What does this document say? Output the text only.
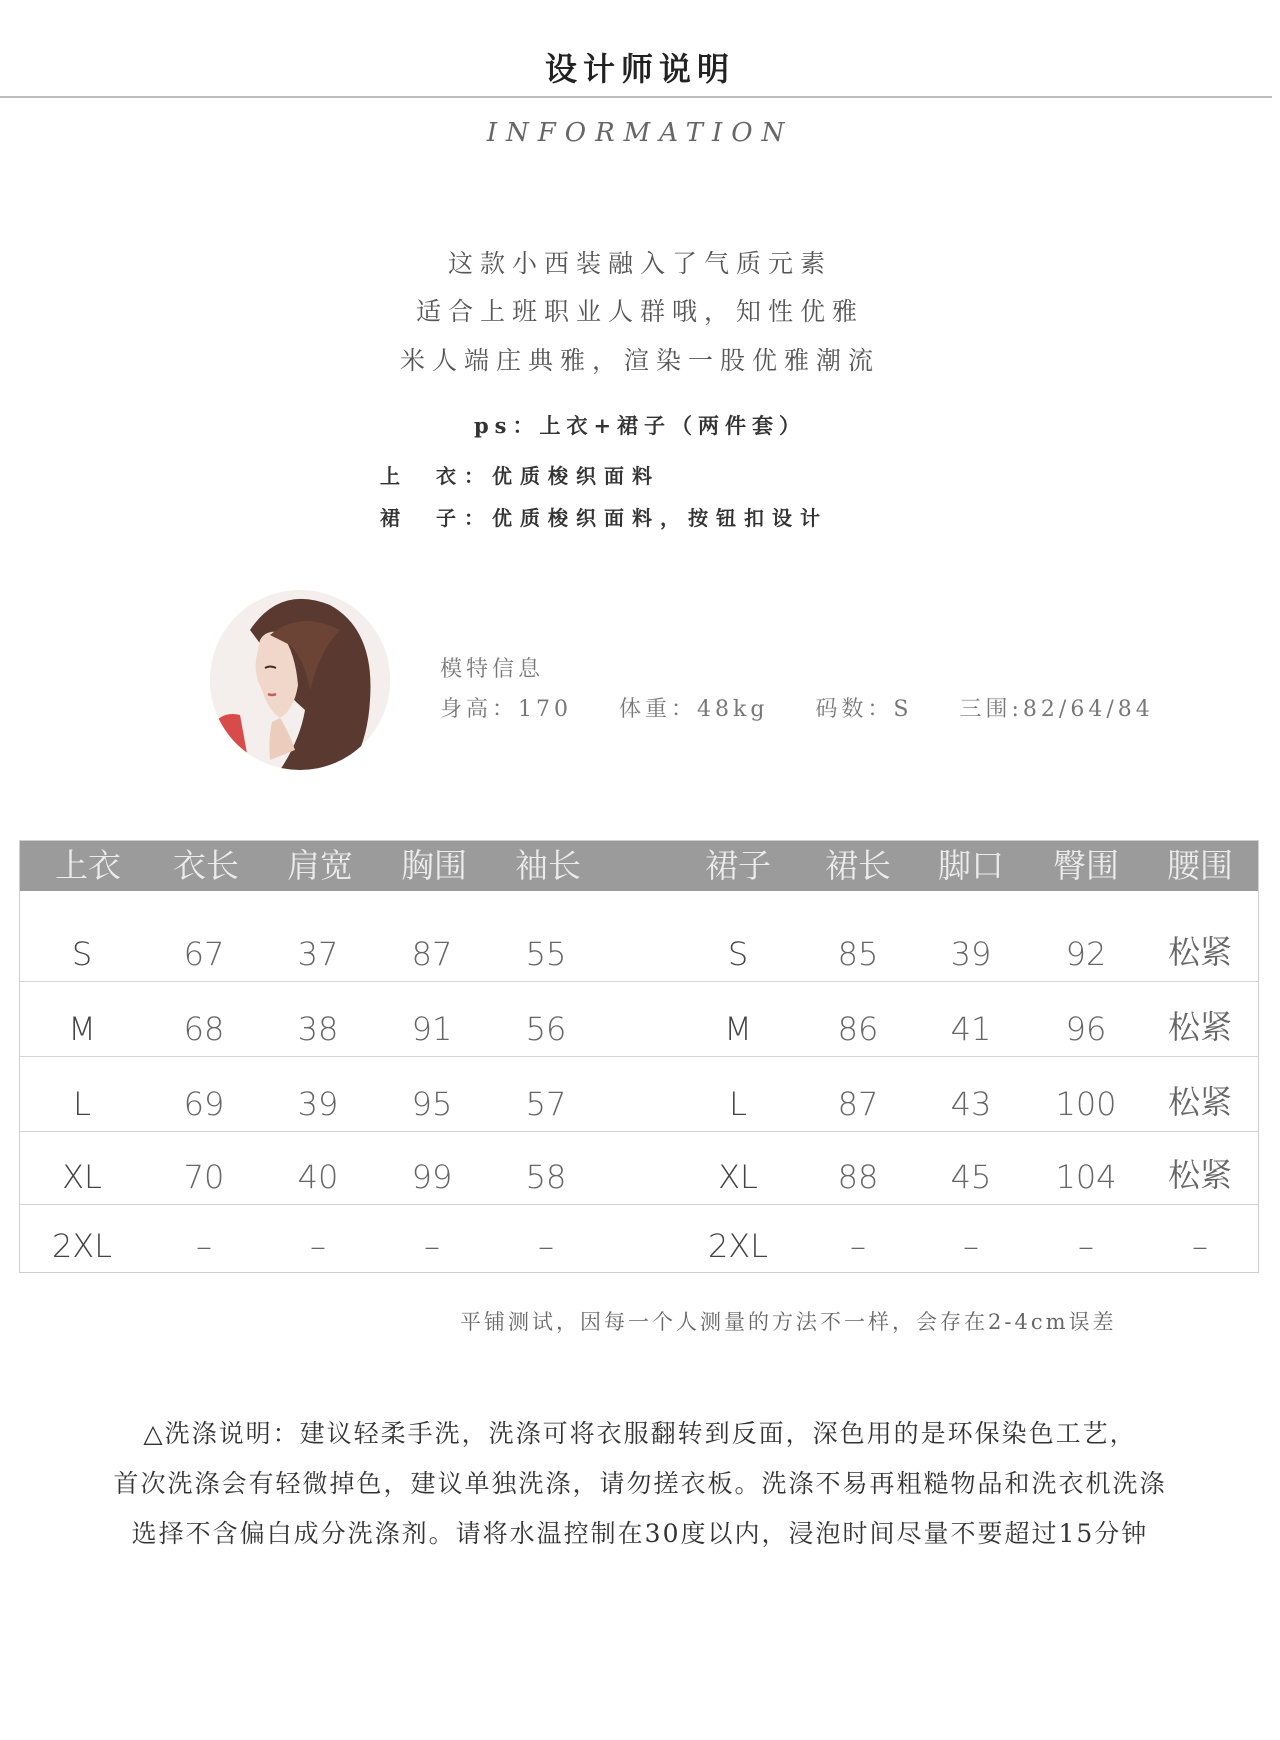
设计师说明
INFORMATION
这款小西装融入了气质元素
适合上班职业人群哦，知性优雅
米人端庄典雅，渲染一股优雅潮流
ps：上衣+裙子（两件套）
上　衣：优质梭织面料
裙　子：优质梭织面料，按钮扣设计
模特信息
身高：170 体重：48kg 码数：S 三围:82/64/84
上衣	衣长	肩宽	胸围	袖长	裙子	裙长	脚口	臀围	腰围
S	67	37	87	55	S	85	39	92	松紧
M	68	38	91	56	M	86	41	96	松紧
L	69	39	95	57	L	87	43	100	松紧
XL	70	40	99	58	XL	88	45	104	松紧
2XL	–	–	–	–	2XL	–	–	–	–
平铺测试，因每一个人测量的方法不一样，会存在2-4cm误差
△洗涤说明：建议轻柔手洗，洗涤可将衣服翻转到反面，深色用的是环保染色工艺，
首次洗涤会有轻微掉色，建议单独洗涤，请勿搓衣板。洗涤不易再粗糙物品和洗衣机洗涤
选择不含偏白成分洗涤剂。请将水温控制在30度以内，浸泡时间尽量不要超过15分钟
